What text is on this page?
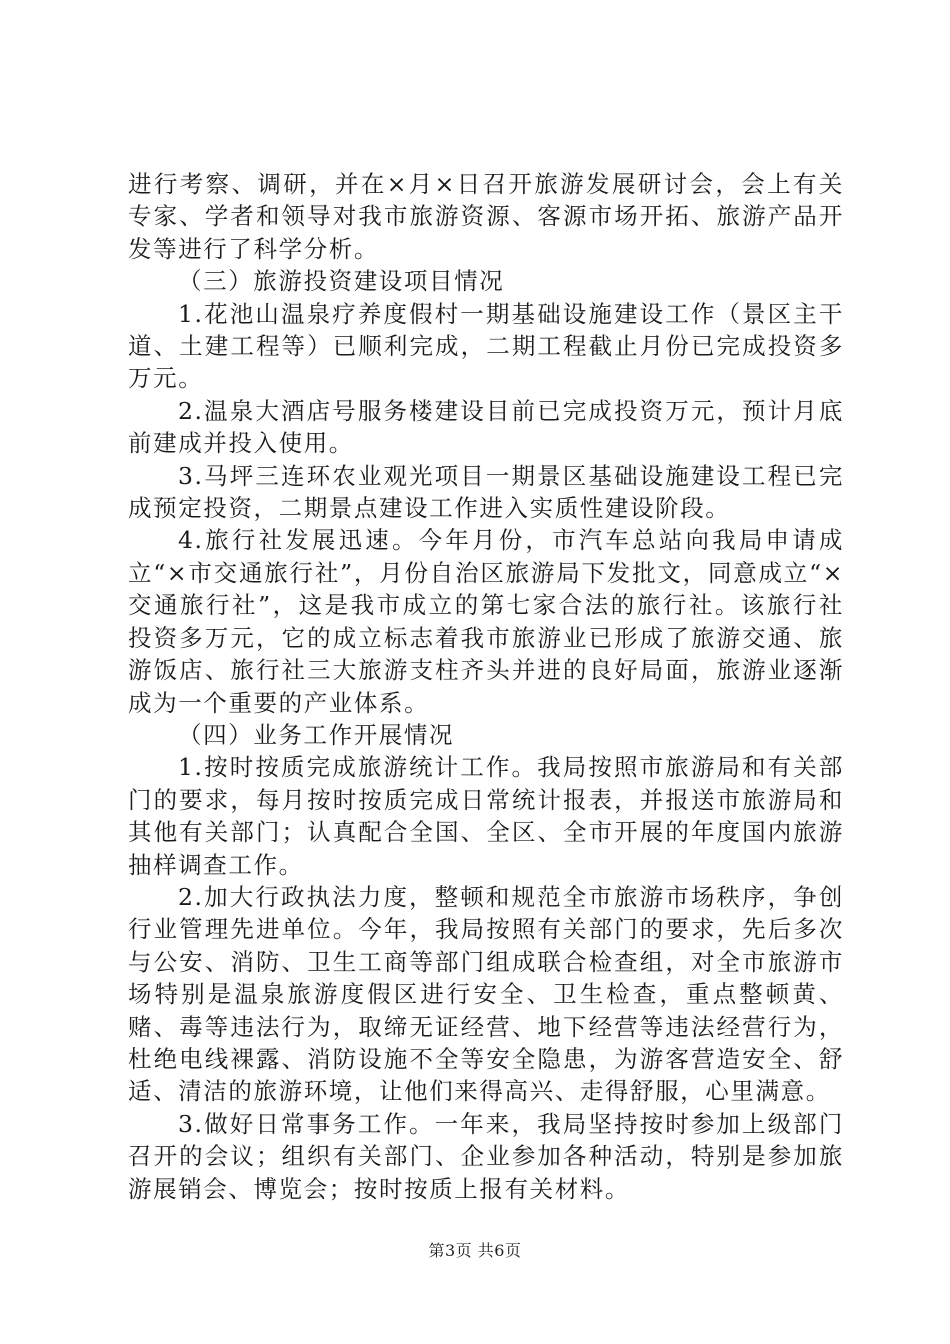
进行考察、调研，并在×月×日召开旅游发展研讨会，会上有关专家、学者和领导对我市旅游资源、客源市场开拓、旅游产品开发等进行了科学分析。

（三）旅游投资建设项目情况

1.花池山温泉疗养度假村一期基础设施建设工作（景区主干道、土建工程等）已顺利完成，二期工程截止月份已完成投资多万元。

2.温泉大酒店号服务楼建设目前已完成投资万元，预计月底前建成并投入使用。

3.马坪三连环农业观光项目一期景区基础设施建设工程已完成预定投资，二期景点建设工作进入实质性建设阶段。

4.旅行社发展迅速。今年月份，市汽车总站向我局申请成立“×市交通旅行社”，月份自治区旅游局下发批文，同意成立“×交通旅行社”，这是我市成立的第七家合法的旅行社。该旅行社投资多万元，它的成立标志着我市旅游业已形成了旅游交通、旅游饭店、旅行社三大旅游支柱齐头并进的良好局面，旅游业逐渐成为一个重要的产业体系。

（四）业务工作开展情况

1.按时按质完成旅游统计工作。我局按照市旅游局和有关部门的要求，每月按时按质完成日常统计报表，并报送市旅游局和其他有关部门；认真配合全国、全区、全市开展的年度国内旅游抽样调查工作。

2.加大行政执法力度，整顿和规范全市旅游市场秩序，争创行业管理先进单位。今年，我局按照有关部门的要求，先后多次与公安、消防、卫生工商等部门组成联合检查组，对全市旅游市场特别是温泉旅游度假区进行安全、卫生检查，重点整顿黄、赌、毒等违法行为，取缔无证经营、地下经营等违法经营行为，杜绝电线裸露、消防设施不全等安全隐患，为游客营造安全、舒适、清洁的旅游环境，让他们来得高兴、走得舒服，心里满意。

3.做好日常事务工作。一年来，我局坚持按时参加上级部门召开的会议；组织有关部门、企业参加各种活动，特别是参加旅游展销会、博览会；按时按质上报有关材料。

第3页 共6页
